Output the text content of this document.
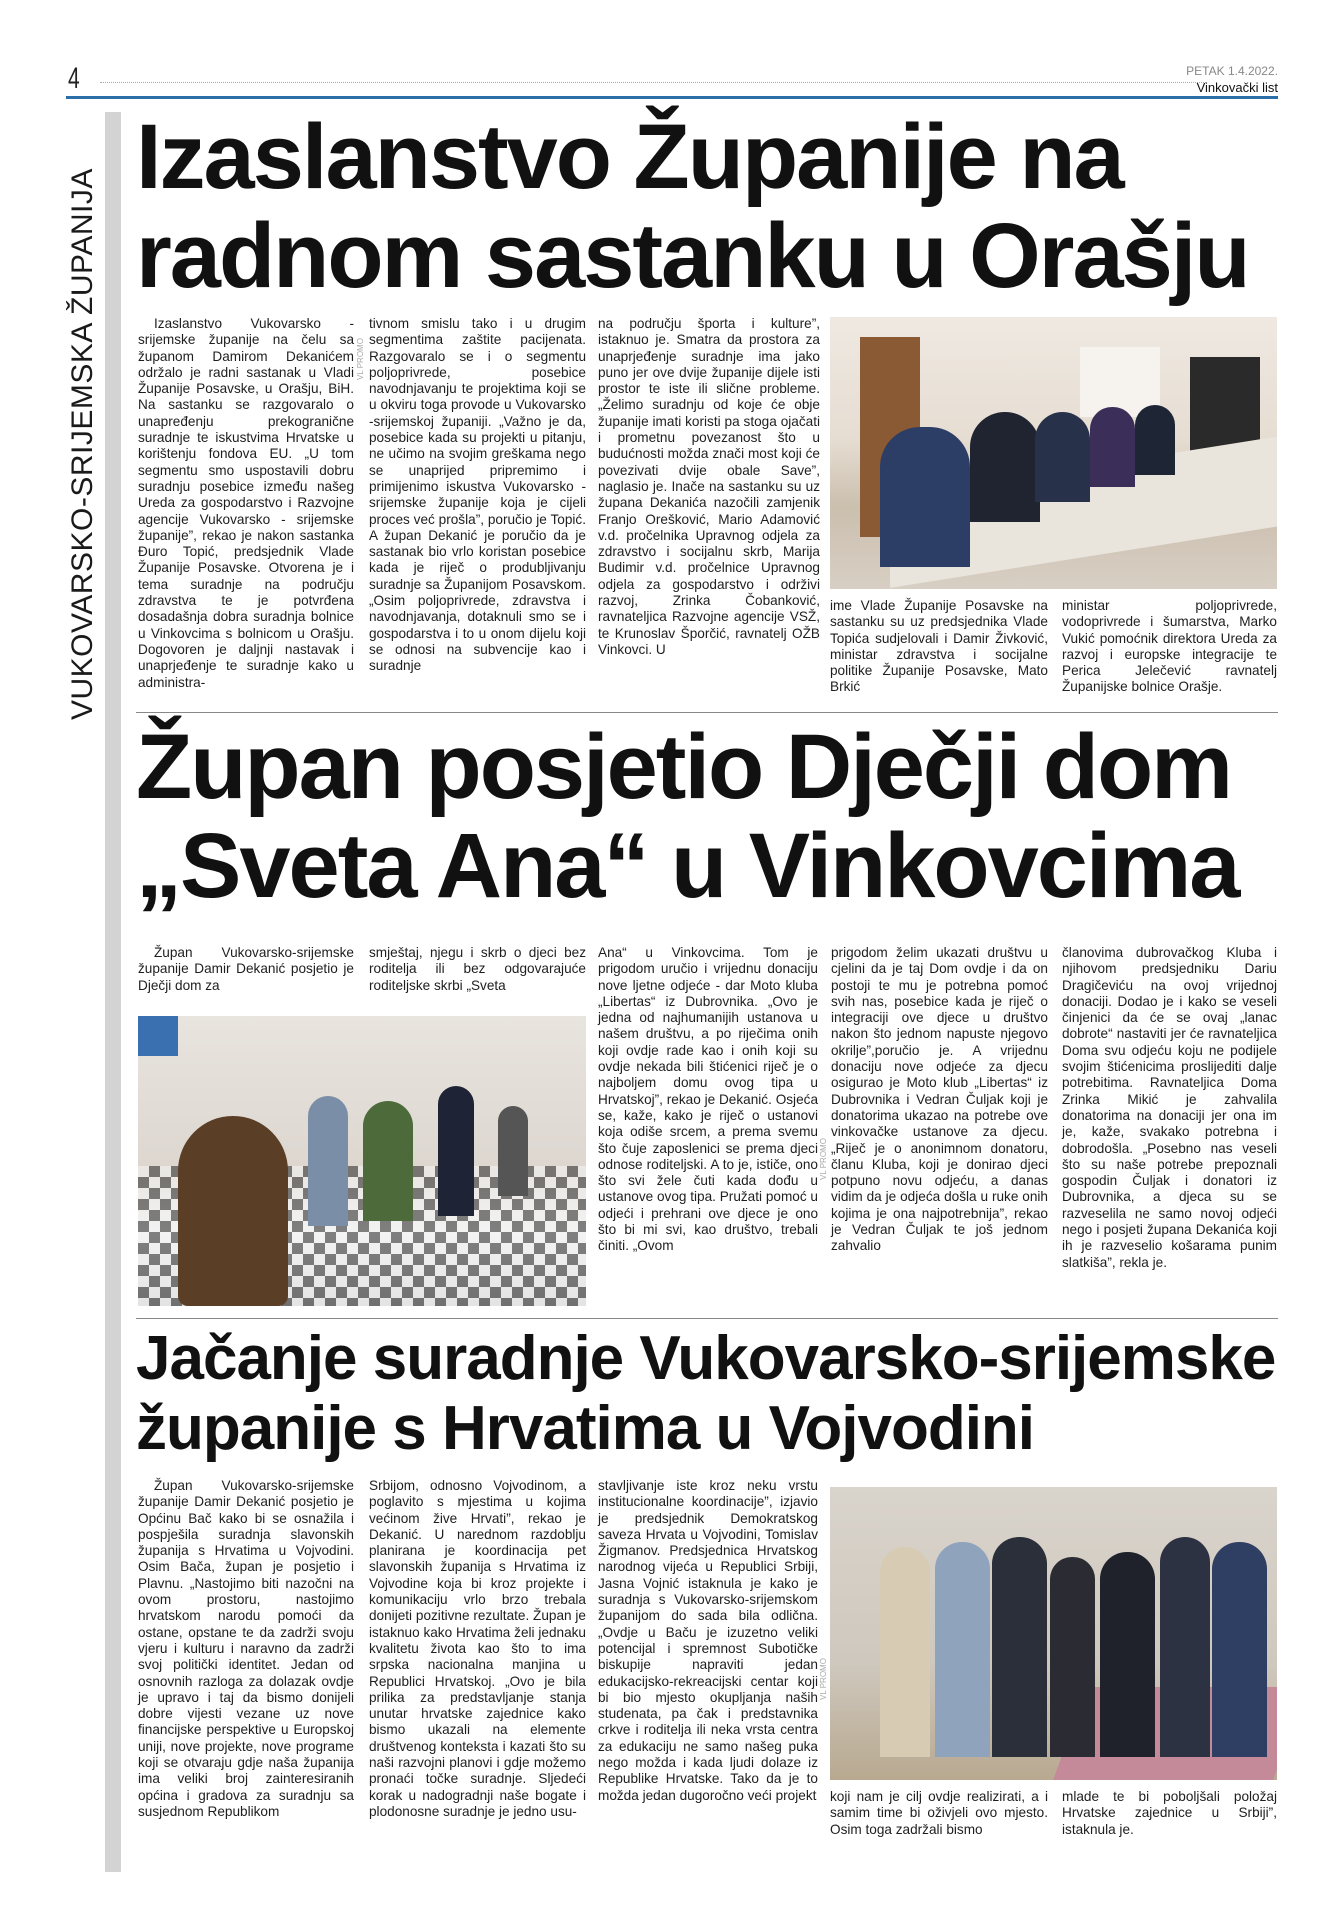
4	PETAK 1.4.2022.
Vinkovački list
VUKOVARSKO-SRIJEMSKA ŽUPANIJA
Izaslanstvo Županije na
radnom sastanku u Orašju
Izaslanstvo Vukovarsko - srijemske županije na čelu sa županom Damirom Dekanićem održalo je radni sastanak u Vladi Županije Posavske, u Orašju, BiH. Na sastanku se razgovaralo o unapređenju prekogranične suradnje te iskustvima Hrvatske u korištenju fondova EU. „U tom segmentu smo uspostavili dobru suradnju posebice između našeg Ureda za gospodarstvo i Razvojne agencije Vukovarsko - srijemske županije”, rekao je nakon sastanka Đuro Topić, predsjednik Vlade Županije Posavske. Otvorena je i tema suradnje na području zdravstva te je potvrđena dosadašnja dobra suradnja bolnice u Vinkovcima s bolnicom u Orašju. Dogovoren je daljnji nastavak i unaprjeđenje te suradnje kako u administra-
VL PROMO
tivnom smislu tako i u drugim segmentima zaštite pacijenata. Razgovaralo se i o segmentu poljoprivrede, posebice navodnjavanju te projektima koji se u okviru toga provode u Vukovarsko -srijemskoj županiji. „Važno je da, posebice kada su projekti u pitanju, ne učimo na svojim greškama nego se unaprijed pripremimo i primijenimo iskustva Vukovarsko -srijemske županije koja je cijeli proces već prošla”, poručio je Topić. A župan Dekanić je poručio da je sastanak bio vrlo koristan posebice kada je riječ o produbljivanju suradnje sa Županijom Posavskom. „Osim poljoprivrede, zdravstva i navodnjavanja, dotaknuli smo se i gospodarstva i to u onom dijelu koji se odnosi na subvencije kao i suradnje
na području športa i kulture”, istaknuo je. Smatra da prostora za unaprjeđenje suradnje ima jako puno jer ove dvije županije dijele isti prostor te iste ili slične probleme. „Želimo suradnju od koje će obje županije imati koristi pa stoga ojačati i prometnu povezanost što u budućnosti možda znači most koji će povezivati dvije obale Save”, naglasio je. Inače na sastanku su uz župana Dekanića nazočili zamjenik Franjo Orešković, Mario Adamović v.d. pročelnika Upravnog odjela za zdravstvo i socijalnu skrb, Marija Budimir v.d. pročelnice Upravnog odjela za gospodarstvo i održivi razvoj, Zrinka Čobanković, ravnateljica Razvojne agencije VSŽ, te Krunoslav Šporčić, ravnatelj OŽB Vinkovci. U
ime Vlade Županije Posavske na sastanku su uz predsjednika Vlade Topića sudjelovali i Damir Živković, ministar zdravstva i socijalne politike Županije Posavske, Mato Brkić
ministar poljoprivrede, vodoprivrede i šumarstva, Marko Vukić pomoćnik direktora Ureda za razvoj i europske integracije te Perica Jelečević ravnatelj Županijske bolnice Orašje.
Župan posjetio Dječji dom
„Sveta Ana“ u Vinkovcima
Župan Vukovarsko-srijemske županije Damir Dekanić posjetio je Dječji dom za
smještaj, njegu i skrb o djeci bez roditelja ili bez odgovarajuće roditeljske skrbi „Sveta
Ana“ u Vinkovcima. Tom je prigodom uručio i vrijednu donaciju nove ljetne odjeće - dar Moto kluba „Libertas“ iz Dubrovnika. „Ovo je jedna od najhumanijih ustanova u našem društvu, a po riječima onih koji ovdje rade kao i onih koji su ovdje nekada bili štićenici riječ je o najboljem domu ovog tipa u Hrvatskoj”, rekao je Dekanić. Osjeća se, kaže, kako je riječ o ustanovi koja odiše srcem, a prema svemu što čuje zaposlenici se prema djeci odnose roditeljski. A to je, ističe, ono što svi žele čuti kada dođu u ustanove ovog tipa. Pružati pomoć u odjeći i prehrani ove djece je ono što bi mi svi, kao društvo, trebali činiti. „Ovom
VL PROMO
prigodom želim ukazati društvu u cjelini da je taj Dom ovdje i da on postoji te mu je potrebna pomoć svih nas, posebice kada je riječ o integraciji ove djece u društvo nakon što jednom napuste njegovo okrilje”,poručio je. A vrijednu donaciju nove odjeće za djecu osigurao je Moto klub „Libertas“ iz Dubrovnika i Vedran Čuljak koji je donatorima ukazao na potrebe ove vinkovačke ustanove za djecu. „Riječ je o anonimnom donatoru, članu Kluba, koji je donirao djeci potpuno novu odjeću, a danas vidim da je odjeća došla u ruke onih kojima je ona najpotrebnija”, rekao je Vedran Čuljak te još jednom zahvalio
članovima dubrovačkog Kluba i njihovom predsjedniku Dariu Dragičeviću na ovoj vrijednoj donaciji. Dodao je i kako se veseli činjenici da će se ovaj „lanac dobrote“ nastaviti jer će ravnateljica Doma svu odjeću koju ne podijele svojim štićenicima proslijediti dalje potrebitima. Ravnateljica Doma Zrinka Mikić je zahvalila donatorima na donaciji jer ona im je, kaže, svakako potrebna i dobrodošla. „Posebno nas veseli što su naše potrebe prepoznali gospodin Čuljak i donatori iz Dubrovnika, a djeca su se razveselila ne samo novoj odjeći nego i posjeti župana Dekanića koji ih je razveselio košarama punim slatkiša”, rekla je.
Jačanje suradnje Vukovarsko-srijemske
županije s Hrvatima u Vojvodini
Župan Vukovarsko-srijemske županije Damir Dekanić posjetio je Općinu Bač kako bi se osnažila i pospješila suradnja slavonskih županija s Hrvatima u Vojvodini. Osim Bača, župan je posjetio i Plavnu. „Nastojimo biti nazočni na ovom prostoru, nastojimo hrvatskom narodu pomoći da ostane, opstane te da zadrži svoju vjeru i kulturu i naravno da zadrži svoj politički identitet. Jedan od osnovnih razloga za dolazak ovdje je upravo i taj da bismo donijeli dobre vijesti vezane uz nove financijske perspektive u Europskoj uniji, nove projekte, nove programe koji se otvaraju gdje naša županija ima veliki broj zainteresiranih općina i gradova za suradnju sa susjednom Republikom
Srbijom, odnosno Vojvodinom, a poglavito s mjestima u kojima većinom žive Hrvati”, rekao je Dekanić. U narednom razdoblju planirana je koordinacija pet slavonskih županija s Hrvatima iz Vojvodine koja bi kroz projekte i komunikaciju vrlo brzo trebala donijeti pozitivne rezultate. Župan je istaknuo kako Hrvatima želi jednaku kvalitetu života kao što to ima srpska nacionalna manjina u Republici Hrvatskoj. „Ovo je bila prilika za predstavljanje stanja unutar hrvatske zajednice kako bismo ukazali na elemente društvenog konteksta i kazati što su naši razvojni planovi i gdje možemo pronaći točke suradnje. Sljedeći korak u nadogradnji naše bogate i plodonosne suradnje je jedno usu-
stavljivanje iste kroz neku vrstu institucionalne koordinacije”, izjavio je predsjednik Demokratskog saveza Hrvata u Vojvodini, Tomislav Žigmanov. Predsjednica Hrvatskog narodnog vijeća u Republici Srbiji, Jasna Vojnić istaknula je kako je suradnja s Vukovarsko-srijemskom županijom do sada bila odlična. „Ovdje u Baču je izuzetno veliki potencijal i spremnost Subotičke biskupije napraviti jedan edukacijsko-rekreacijski centar koji bi bio mjesto okupljanja naših studenata, pa čak i predstavnika crkve i roditelja ili neka vrsta centra za edukaciju ne samo našeg puka nego možda i kada ljudi dolaze iz Republike Hrvatske. Tako da je to možda jedan dugoročno veći projekt
VL PROMO
koji nam je cilj ovdje realizirati, a i samim time bi oživjeli ovo mjesto. Osim toga zadržali bismo
mlade te bi poboljšali položaj Hrvatske zajednice u Srbiji”, istaknula je.
